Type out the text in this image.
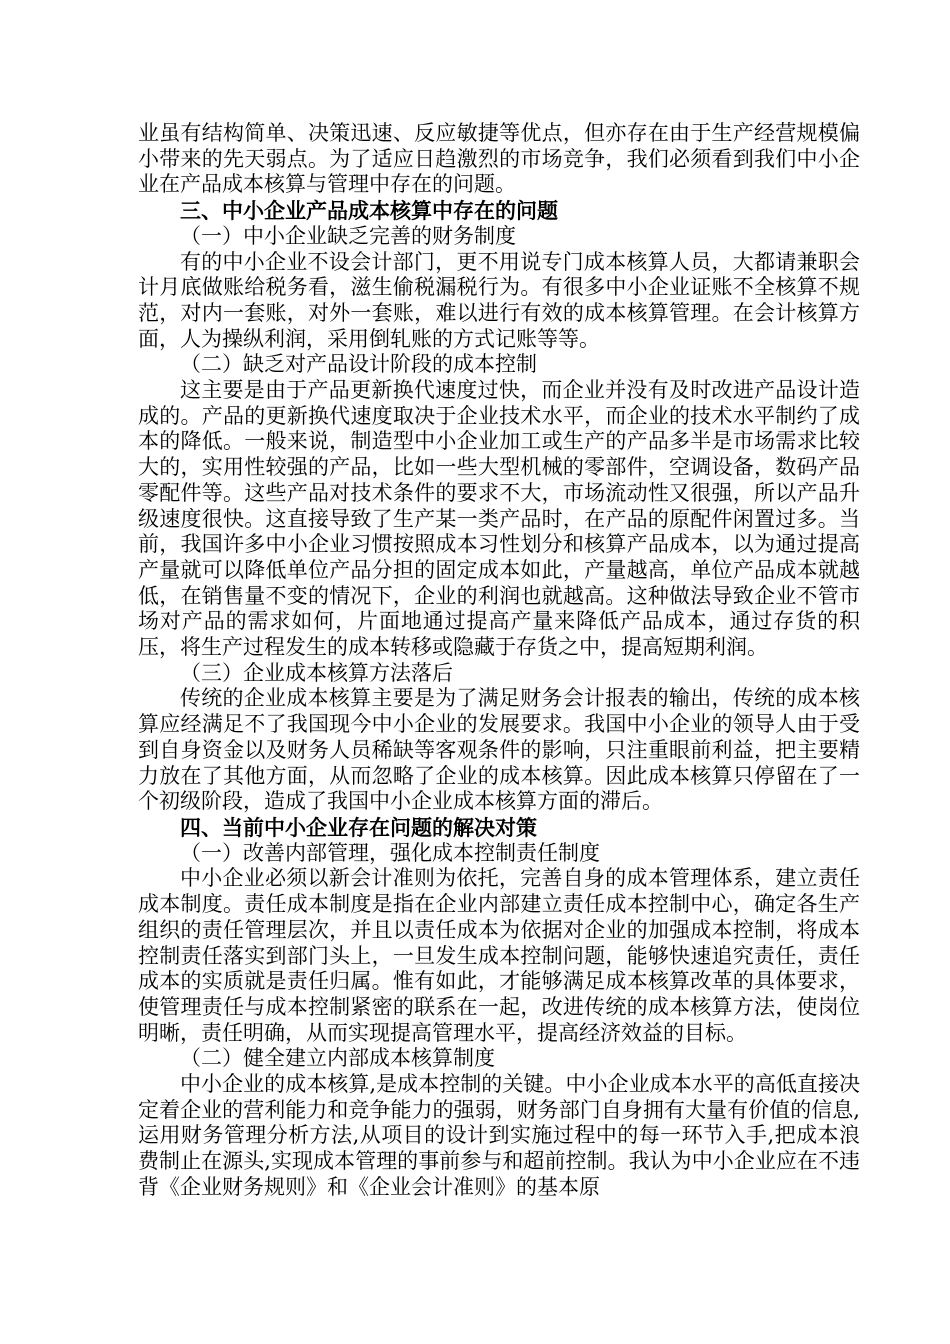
业虽有结构简单、决策迅速、反应敏捷等优点，但亦存在由于生产经营规模偏小带来的先天弱点。为了适应日趋激烈的市场竞争，我们必须看到我们中小企业在产品成本核算与管理中存在的问题。

三、中小企业产品成本核算中存在的问题

（一）中小企业缺乏完善的财务制度

有的中小企业不设会计部门，更不用说专门成本核算人员，大都请兼职会计月底做账给税务看，滋生偷税漏税行为。有很多中小企业证账不全核算不规范，对内一套账，对外一套账，难以进行有效的成本核算管理。在会计核算方面，人为操纵利润，采用倒轧账的方式记账等等。

（二）缺乏对产品设计阶段的成本控制

这主要是由于产品更新换代速度过快，而企业并没有及时改进产品设计造成的。产品的更新换代速度取决于企业技术水平，而企业的技术水平制约了成本的降低。一般来说，制造型中小企业加工或生产的产品多半是市场需求比较大的，实用性较强的产品，比如一些大型机械的零部件，空调设备，数码产品零配件等。这些产品对技术条件的要求不大，市场流动性又很强，所以产品升级速度很快。这直接导致了生产某一类产品时，在产品的原配件闲置过多。当前，我国许多中小企业习惯按照成本习性划分和核算产品成本，以为通过提高产量就可以降低单位产品分担的固定成本如此，产量越高，单位产品成本就越低，在销售量不变的情况下，企业的利润也就越高。这种做法导致企业不管市场对产品的需求如何，片面地通过提高产量来降低产品成本，通过存货的积压，将生产过程发生的成本转移或隐藏于存货之中，提高短期利润。

（三）企业成本核算方法落后

传统的企业成本核算主要是为了满足财务会计报表的输出，传统的成本核算应经满足不了我国现今中小企业的发展要求。我国中小企业的领导人由于受到自身资金以及财务人员稀缺等客观条件的影响，只注重眼前利益，把主要精力放在了其他方面，从而忽略了企业的成本核算。因此成本核算只停留在了一个初级阶段，造成了我国中小企业成本核算方面的滞后。

四、当前中小企业存在问题的解决对策

（一）改善内部管理，强化成本控制责任制度

中小企业必须以新会计准则为依托，完善自身的成本管理体系，建立责任成本制度。责任成本制度是指在企业内部建立责任成本控制中心，确定各生产组织的责任管理层次，并且以责任成本为依据对企业的加强成本控制，将成本控制责任落实到部门头上，一旦发生成本控制问题，能够快速追究责任，责任成本的实质就是责任归属。惟有如此，才能够满足成本核算改革的具体要求，使管理责任与成本控制紧密的联系在一起，改进传统的成本核算方法，使岗位明晰，责任明确，从而实现提高管理水平，提高经济效益的目标。

（二）健全建立内部成本核算制度

中小企业的成本核算,是成本控制的关键。中小企业成本水平的高低直接决定着企业的营利能力和竞争能力的强弱，财务部门自身拥有大量有价值的信息,运用财务管理分析方法,从项目的设计到实施过程中的每一环节入手,把成本浪费制止在源头,实现成本管理的事前参与和超前控制。我认为中小企业应在不违背《企业财务规则》和《企业会计准则》的基本原
